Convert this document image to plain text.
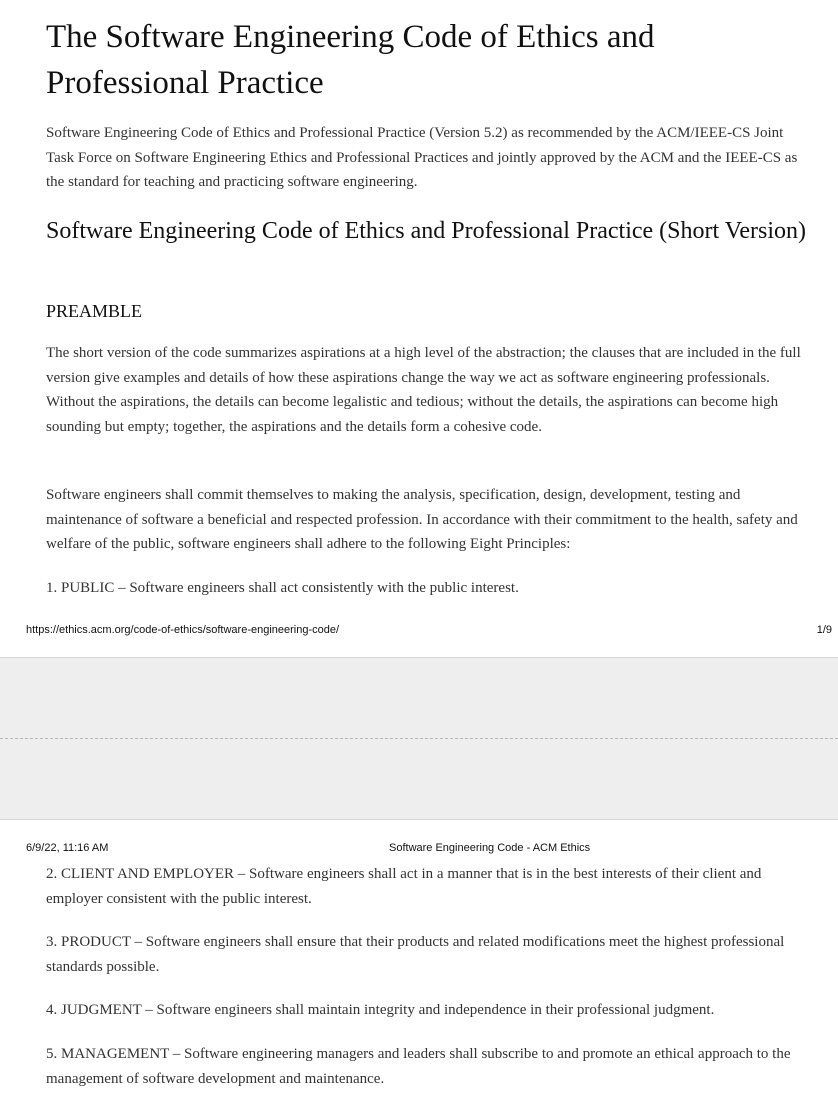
The Software Engineering Code of Ethics and Professional Practice

Software Engineering Code of Ethics and Professional Practice (Version 5.2) as recommended by the ACM/IEEE-CS Joint Task Force on Software Engineering Ethics and Professional Practices and jointly approved by the ACM and the IEEE-CS as the standard for teaching and practicing software engineering.

Software Engineering Code of Ethics and Professional Practice (Short Version)
PREAMBLE

The short version of the code summarizes aspirations at a high level of the abstraction; the clauses that are included in the full version give examples and details of how these aspirations change the way we act as software engineering professionals. Without the aspirations, the details can become legalistic and tedious; without the details, the aspirations can become high sounding but empty; together, the aspirations and the details form a cohesive code.

Software engineers shall commit themselves to making the analysis, specification, design, development, testing and maintenance of software a beneficial and respected profession. In accordance with their commitment to the health, safety and welfare of the public, software engineers shall adhere to the following Eight Principles:

1. PUBLIC – Software engineers shall act consistently with the public interest.

https://ethics.acm.org/code-of-ethics/software-engineering-code/	1/9
6/9/22, 11:16 AM	Software Engineering Code - ACM Ethics

2. CLIENT AND EMPLOYER – Software engineers shall act in a manner that is in the best interests of their client and employer consistent with the public interest.

3. PRODUCT – Software engineers shall ensure that their products and related modifications meet the highest professional standards possible.

4. JUDGMENT – Software engineers shall maintain integrity and independence in their professional judgment.

5. MANAGEMENT – Software engineering managers and leaders shall subscribe to and promote an ethical approach to the management of software development and maintenance.
